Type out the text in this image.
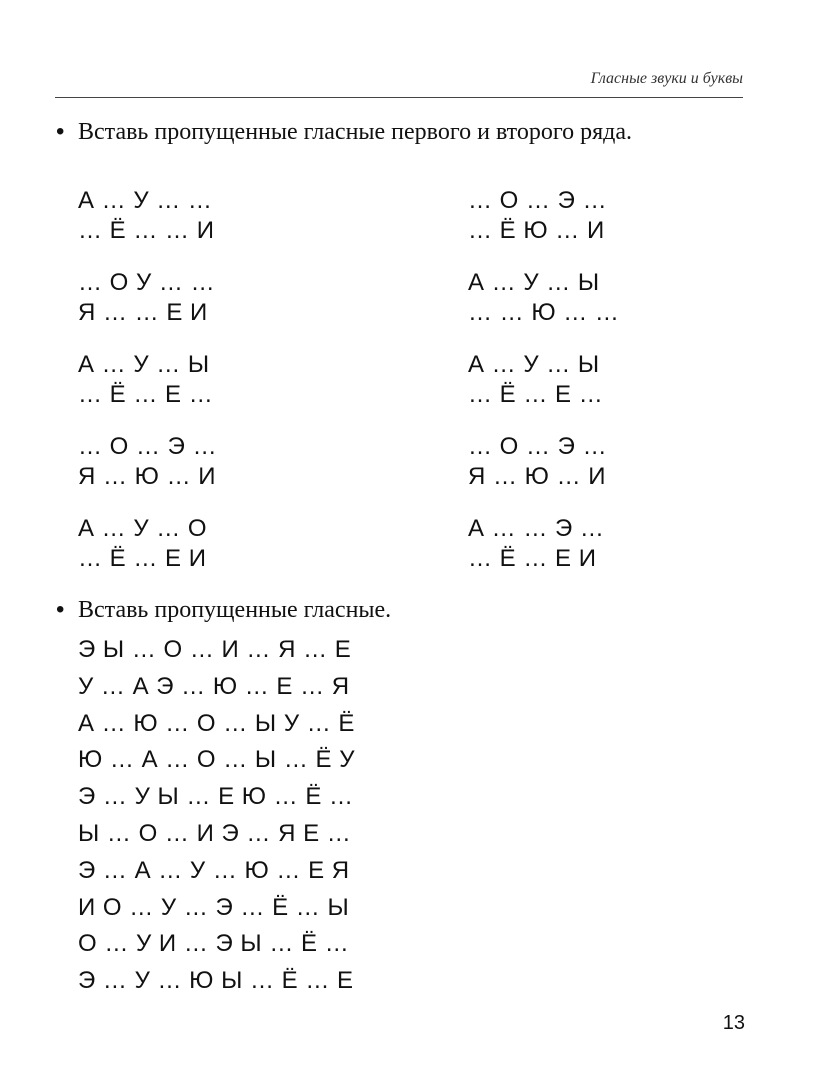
Гласные звуки и буквы
• Вставь пропущенные гласные первого и второго ряда.
А … У … …
… Ё … … И
… О … Э …
… Ё Ю … И
… О У … …
Я … … Е И
А … У … Ы
… … Ю … …
А … У … Ы
… Ё … Е …
А … У … Ы
… Ё … Е …
… О … Э …
Я … Ю … И
… О … Э …
Я … Ю … И
А … У … О
… Ё … Е И
А … … Э …
… Ё … Е И
• Вставь пропущенные гласные.
Э Ы … О … И … Я … Е
У … А Э … Ю … Е … Я
А … Ю … О … Ы У … Ё
Ю … А … О … Ы … Ё У
Э … У Ы … Е Ю … Ё …
Ы … О … И Э … Я Е …
Э … А … У … Ю … Е Я
И О … У … Э … Ё … Ы
О … У И … Э Ы … Ё …
Э … У … Ю Ы … Ё … Е
13
